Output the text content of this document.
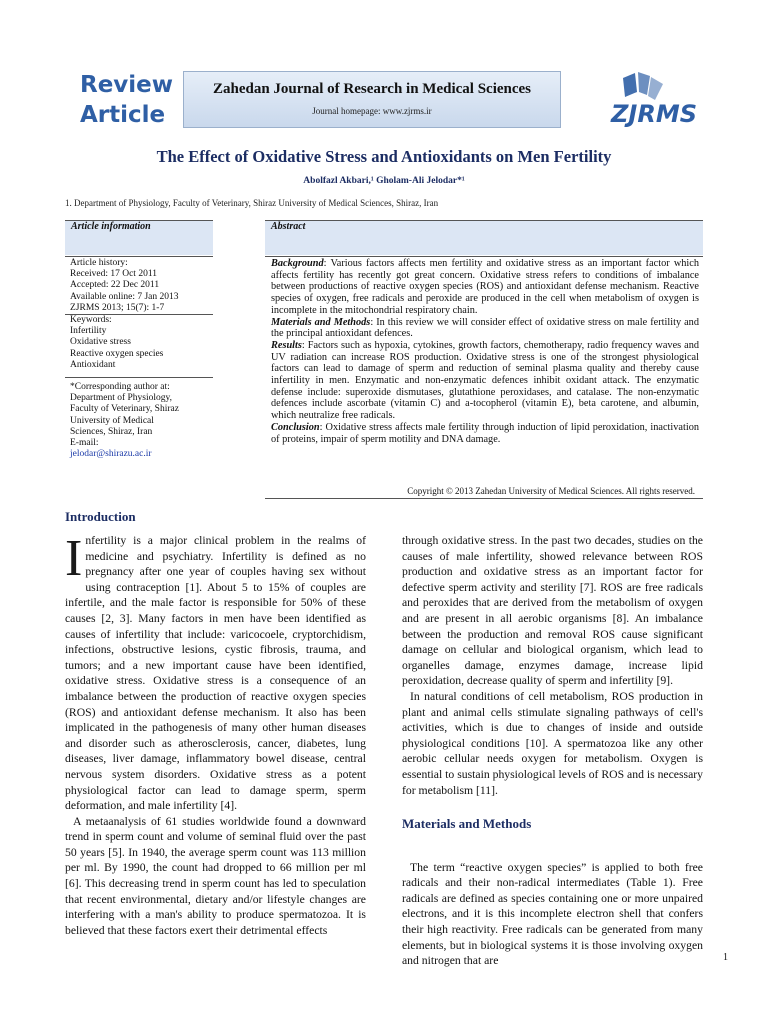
Review
Article
Zahedan Journal of Research in Medical Sciences
Journal homepage: www.zjrms.ir	ZJRMS
The Effect of Oxidative Stress and Antioxidants on Men Fertility
Abolfazl Akbari,¹ Gholam-Ali Jelodar*¹
1. Department of Physiology, Faculty of Veterinary, Shiraz University of Medical Sciences, Shiraz, Iran
Article information	Abstract
Article history:
Received: 17 Oct 2011
Accepted: 22 Dec 2011
Available online: 7 Jan 2013
ZJRMS 2013; 15(7): 1-7
Keywords:
Infertility
Oxidative stress
Reactive oxygen species
Antioxidant
*Corresponding author at:
Department of Physiology,
Faculty of Veterinary, Shiraz
University of Medical
Sciences, Shiraz, Iran
E-mail:
jelodar@shirazu.ac.ir
Background: Various factors affects men fertility and oxidative stress as an important factor which affects fertility has recently got great concern. Oxidative stress refers to conditions of imbalance between productions of reactive oxygen species (ROS) and antioxidant defense mechanism. Reactive species of oxygen, free radicals and peroxide are produced in the cell when metabolism of oxygen is incomplete in the mitochondrial respiratory chain.
Materials and Methods: In this review we will consider effect of oxidative stress on male fertility and the principal antioxidant defences.
Results: Factors such as hypoxia, cytokines, growth factors, chemotherapy, radio frequency waves and UV radiation can increase ROS production. Oxidative stress is one of the strongest physiological factors can lead to damage of sperm and reduction of seminal plasma quality and thereby cause infertility in men. Enzymatic and non-enzymatic defences inhibit oxidant attack. The enzymatic defense include: superoxide dismutases, glutathione peroxidases, and catalase. The non-enzymatic defences include ascorbate (vitamin C) and a-tocopherol (vitamin E), beta carotene, and albumin, which neutralize free radicals.
Conclusion: Oxidative stress affects male fertility through induction of lipid peroxidation, inactivation of proteins, impair of sperm motility and DNA damage.
Copyright © 2013 Zahedan University of Medical Sciences. All rights reserved.
Introduction

Infertility is a major clinical problem in the realms of medicine and psychiatry. Infertility is defined as no pregnancy after one year of couples having sex without using contraception [1]. About 5 to 15% of couples are infertile, and the male factor is responsible for 50% of these causes [2, 3]. Many factors in men have been identified as causes of infertility that include: varicocoele, cryptorchidism, infections, obstructive lesions, cystic fibrosis, trauma, and tumors; and a new important cause have been identified, oxidative stress. Oxidative stress is a consequence of an imbalance between the production of reactive oxygen species (ROS) and antioxidant defense mechanism. It also has been implicated in the pathogenesis of many other human diseases and disorder such as atherosclerosis, cancer, diabetes, lung diseases, liver damage, inflammatory bowel disease, central nervous system disorders. Oxidative stress as a potent physiological factor can lead to damage sperm, sperm deformation, and male infertility [4].

A metaanalysis of 61 studies worldwide found a downward trend in sperm count and volume of seminal fluid over the past 50 years [5]. In 1940, the average sperm count was 113 million per ml. By 1990, the count had dropped to 66 million per ml [6]. This decreasing trend in sperm count has led to speculation that recent environmental, dietary and/or lifestyle changes are interfering with a man's ability to produce spermatozoa. It is believed that these factors exert their detrimental effects

through oxidative stress. In the past two decades, studies on the causes of male infertility, showed relevance between ROS production and oxidative stress as an important factor for defective sperm activity and sterility [7]. ROS are free radicals and peroxides that are derived from the metabolism of oxygen and are present in all aerobic organisms [8]. An imbalance between the production and removal ROS cause significant damage on cellular and biological organism, which lead to organelles damage, enzymes damage, increase lipid peroxidation, decrease quality of sperm and infertility [9].

In natural conditions of cell metabolism, ROS production in plant and animal cells stimulate signaling pathways of cell's activities, which is due to changes of inside and outside physiological conditions [10]. A spermatozoa like any other aerobic cellular needs oxygen for metabolism. Oxygen is essential to sustain physiological levels of ROS and is necessary for metabolism [11].

Materials and Methods

The term “reactive oxygen species” is applied to both free radicals and their non-radical intermediates (Table 1). Free radicals are defined as species containing one or more unpaired electrons, and it is this incomplete electron shell that confers their high reactivity. Free radicals can be generated from many elements, but in biological systems it is those involving oxygen and nitrogen that are	1
